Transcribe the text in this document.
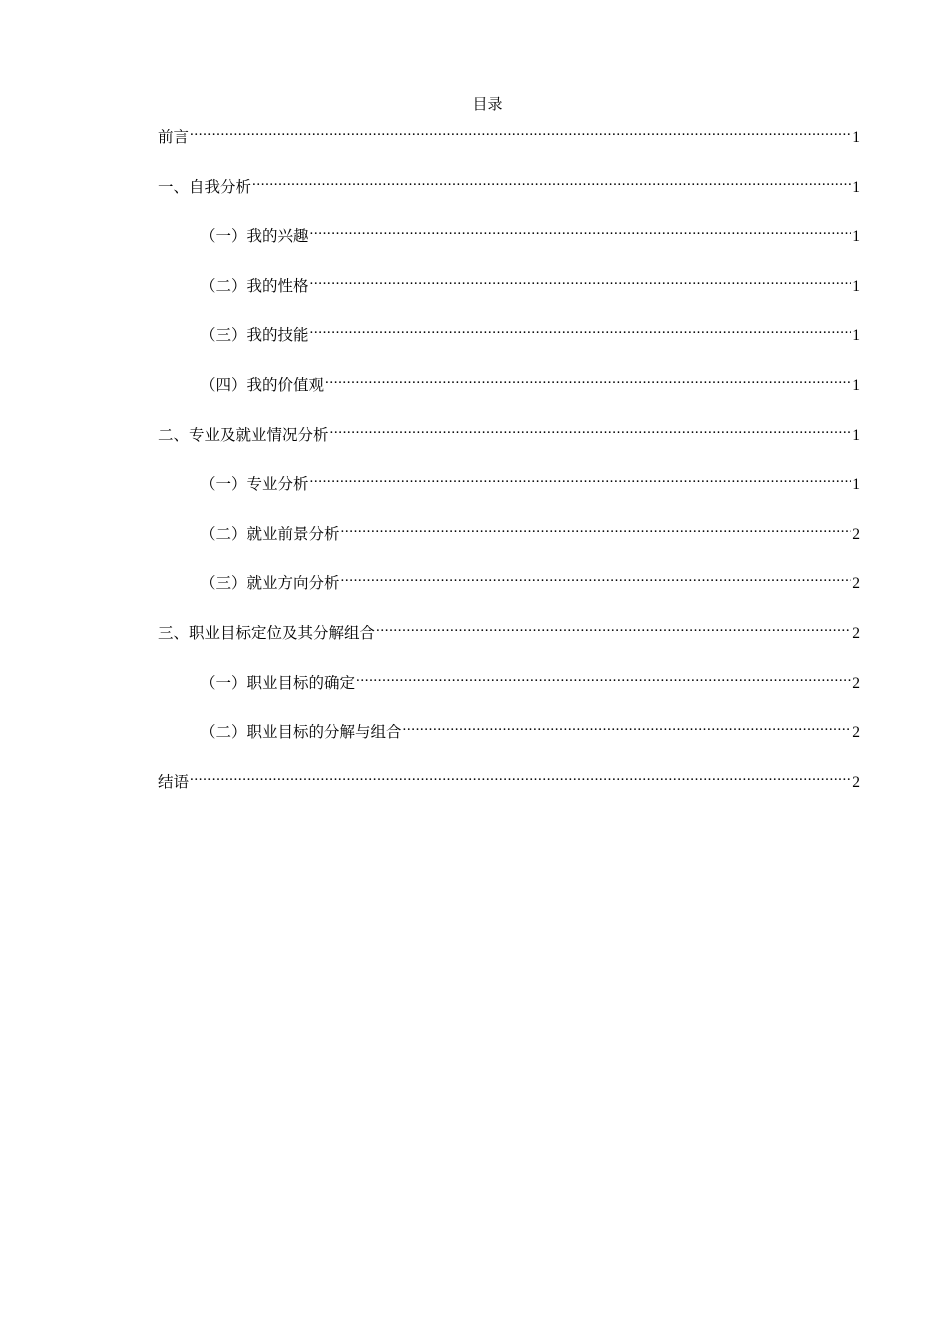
目录
前言 .....	1
一、自我分析 .....	1
（一）我的兴趣 .....	1
（二）我的性格 .....	1
（三）我的技能 .....	1
（四）我的价值观 .....	1
二、专业及就业情况分析 .....	1
（一）专业分析 .....	1
（二）就业前景分析 .....	2
（三）就业方向分析 .....	2
三、职业目标定位及其分解组合 .....	2
（一）职业目标的确定 .....	2
（二）职业目标的分解与组合 .....	2
结语 .....	2
